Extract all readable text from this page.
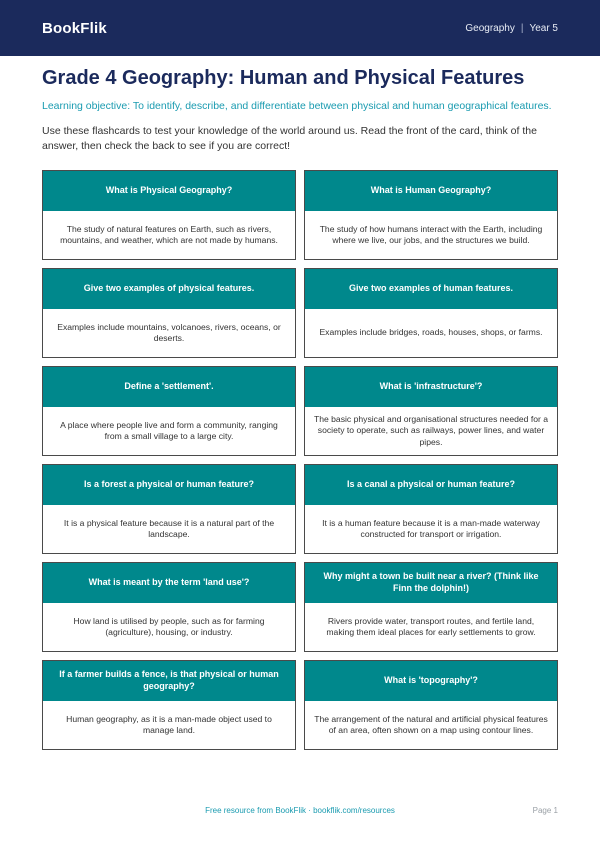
BookFlik	Geography | Year 5
Grade 4 Geography: Human and Physical Features

Learning objective: To identify, describe, and differentiate between physical and human geographical features.

Use these flashcards to test your knowledge of the world around us. Read the front of the card, think of the answer, then check the back to see if you are correct!

What is Physical Geography?
The study of natural features on Earth, such as rivers, mountains, and weather, which are not made by humans.
What is Human Geography?
The study of how humans interact with the Earth, including where we live, our jobs, and the structures we build.
Give two examples of physical features.
Examples include mountains, volcanoes, rivers, oceans, or deserts.
Give two examples of human features.
Examples include bridges, roads, houses, shops, or farms.
Define a 'settlement'.
A place where people live and form a community, ranging from a small village to a large city.
What is 'infrastructure'?
The basic physical and organisational structures needed for a society to operate, such as railways, power lines, and water pipes.
Is a forest a physical or human feature?
It is a physical feature because it is a natural part of the landscape.
Is a canal a physical or human feature?
It is a human feature because it is a man-made waterway constructed for transport or irrigation.
What is meant by the term 'land use'?
How land is utilised by people, such as for farming (agriculture), housing, or industry.
Why might a town be built near a river? (Think like Finn the dolphin!)
Rivers provide water, transport routes, and fertile land, making them ideal places for early settlements to grow.
If a farmer builds a fence, is that physical or human geography?
Human geography, as it is a man-made object used to manage land.
What is 'topography'?
The arrangement of the natural and artificial physical features of an area, often shown on a map using contour lines.
Free resource from BookFlik · bookflik.com/resources	Page 1
